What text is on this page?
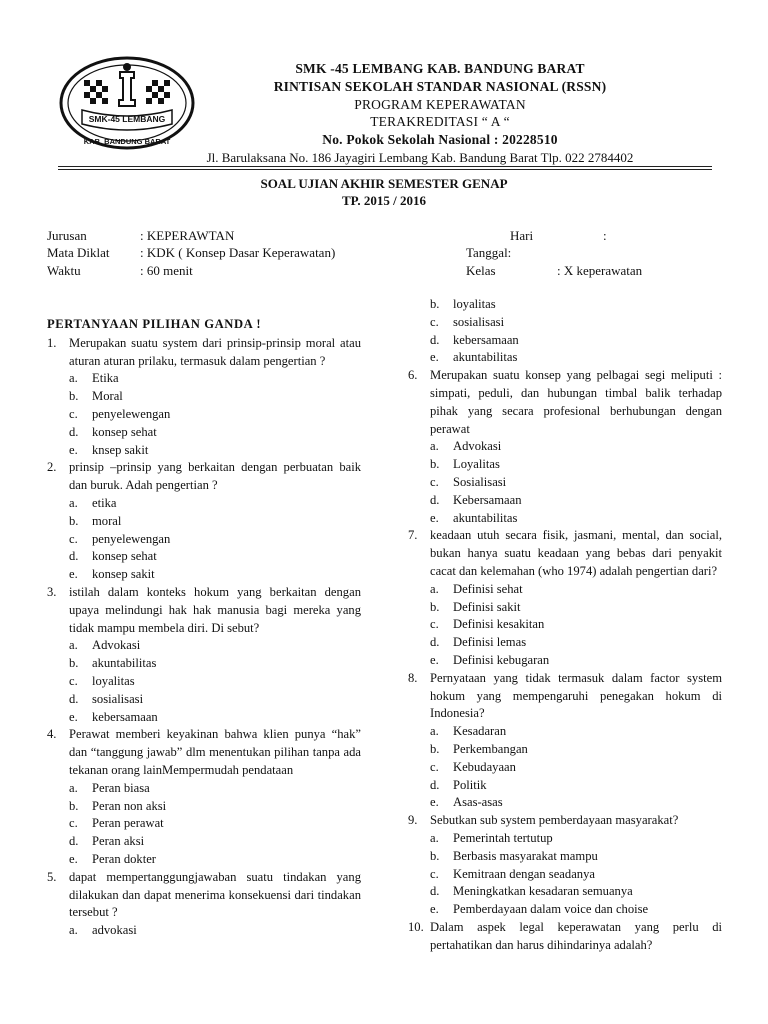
SMK-45 LEMBANG
KAB. BANDUNG BARAT
SMK -45 LEMBANG KAB. BANDUNG BARAT
RINTISAN SEKOLAH STANDAR NASIONAL (RSSN)
PROGRAM KEPERAWATAN
TERAKREDITASI “ A “
No. Pokok Sekolah Nasional : 20228510
Jl. Barulaksana No. 186 Jayagiri Lembang Kab. Bandung Barat Tlp. 022 2784402
SOAL UJIAN AKHIR SEMESTER GENAP
TP. 2015 / 2016
Jurusan	: KEPERAWTAN
Mata Diklat : KDK ( Konsep Dasar Keperawatan)
Waktu	: 60 menit
Hari	:
Tanggal:
Kelas	: X keperawatan
PERTANYAAN PILIHAN GANDA !
1. Merupakan suatu system dari prinsip-prinsip moral atau aturan aturan prilaku, termasuk dalam pengertian ?
a. Etika
b. Moral
c. penyelewengan
d. konsep sehat
e. knsep sakit
2. prinsip –prinsip yang berkaitan dengan perbuatan baik dan buruk. Adah pengertian ?
a. etika
b. moral
c. penyelewengan
d. konsep sehat
e. konsep sakit
3. istilah dalam konteks hokum yang berkaitan dengan upaya melindungi hak hak manusia bagi mereka yang tidak mampu membela diri. Di sebut?
a. Advokasi
b. akuntabilitas
c. loyalitas
d. sosialisasi
e. kebersamaan
4. Perawat memberi keyakinan bahwa klien punya “hak” dan “tanggung jawab” dlm menentukan pilihan tanpa ada tekanan orang lainMempermudah pendataan
a. Peran biasa
b. Peran non aksi
c. Peran perawat
d. Peran aksi
e. Peran dokter
5. dapat mempertanggungjawaban suatu tindakan yang dilakukan dan dapat menerima konsekuensi dari tindakan tersebut ?
a. advokasi
b. loyalitas
c. sosialisasi
d. kebersamaan
e. akuntabilitas
6. Merupakan suatu konsep yang pelbagai segi meliputi : simpati, peduli, dan hubungan timbal balik terhadap pihak yang secara profesional berhubungan dengan perawat
a. Advokasi
b. Loyalitas
c. Sosialisasi
d. Kebersamaan
e. akuntabilitas
7. keadaan utuh secara fisik, jasmani, mental, dan social, bukan hanya suatu keadaan yang bebas dari penyakit cacat dan kelemahan (who 1974) adalah pengertian dari?
a. Definisi sehat
b. Definisi sakit
c. Definisi kesakitan
d. Definisi lemas
e. Definisi kebugaran
8. Pernyataan yang tidak termasuk dalam factor system hokum yang mempengaruhi penegakan hokum di Indonesia?
a. Kesadaran
b. Perkembangan
c. Kebudayaan
d. Politik
e. Asas-asas
9. Sebutkan sub system pemberdayaan masyarakat?
a. Pemerintah tertutup
b. Berbasis masyarakat mampu
c. Kemitraan dengan seadanya
d. Meningkatkan kesadaran semuanya
e. Pemberdayaan dalam voice dan choise
10. Dalam aspek legal keperawatan yang perlu di pertahatikan dan harus dihindarinya adalah?
